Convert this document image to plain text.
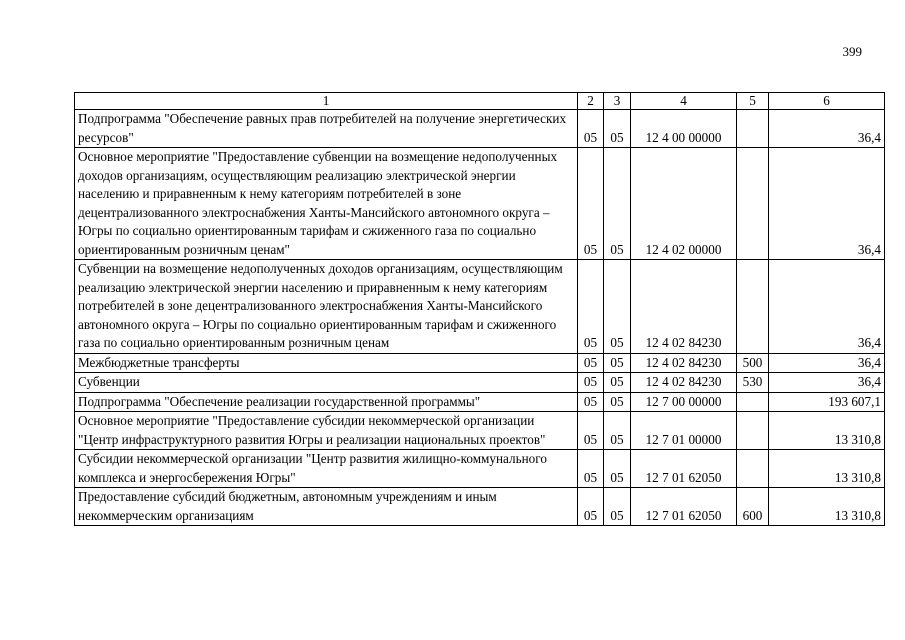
399
1	2	3	4	5	6
Подпрограмма "Обеспечение равных прав потребителей на получение энергетических ресурсов"	05	05	12 4 00 00000		36,4
Основное мероприятие "Предоставление субвенции на возмещение недополученных доходов организациям, осуществляющим реализацию электрической энергии населению и приравненным к нему категориям потребителей в зоне децентрализованного электроснабжения Ханты-Мансийского автономного округа – Югры по социально ориентированным тарифам и сжиженного газа по социально ориентированным розничным ценам"	05	05	12 4 02 00000		36,4
Субвенции на возмещение недополученных доходов организациям, осуществляющим реализацию электрической энергии населению и приравненным к нему категориям потребителей в зоне децентрализованного электроснабжения Ханты-Мансийского автономного округа – Югры по социально ориентированным тарифам и сжиженного газа по социально ориентированным розничным ценам	05	05	12 4 02 84230		36,4
Межбюджетные трансферты	05	05	12 4 02 84230	500	36,4
Субвенции	05	05	12 4 02 84230	530	36,4
Подпрограмма "Обеспечение реализации государственной программы"	05	05	12 7 00 00000		193 607,1
Основное мероприятие "Предоставление субсидии некоммерческой организации "Центр инфраструктурного развития Югры и реализации национальных проектов"	05	05	12 7 01 00000		13 310,8
Субсидии некоммерческой организации "Центр развития жилищно-коммунального комплекса и энергосбережения Югры"	05	05	12 7 01 62050		13 310,8
Предоставление субсидий бюджетным, автономным учреждениям и иным некоммерческим организациям	05	05	12 7 01 62050	600	13 310,8
